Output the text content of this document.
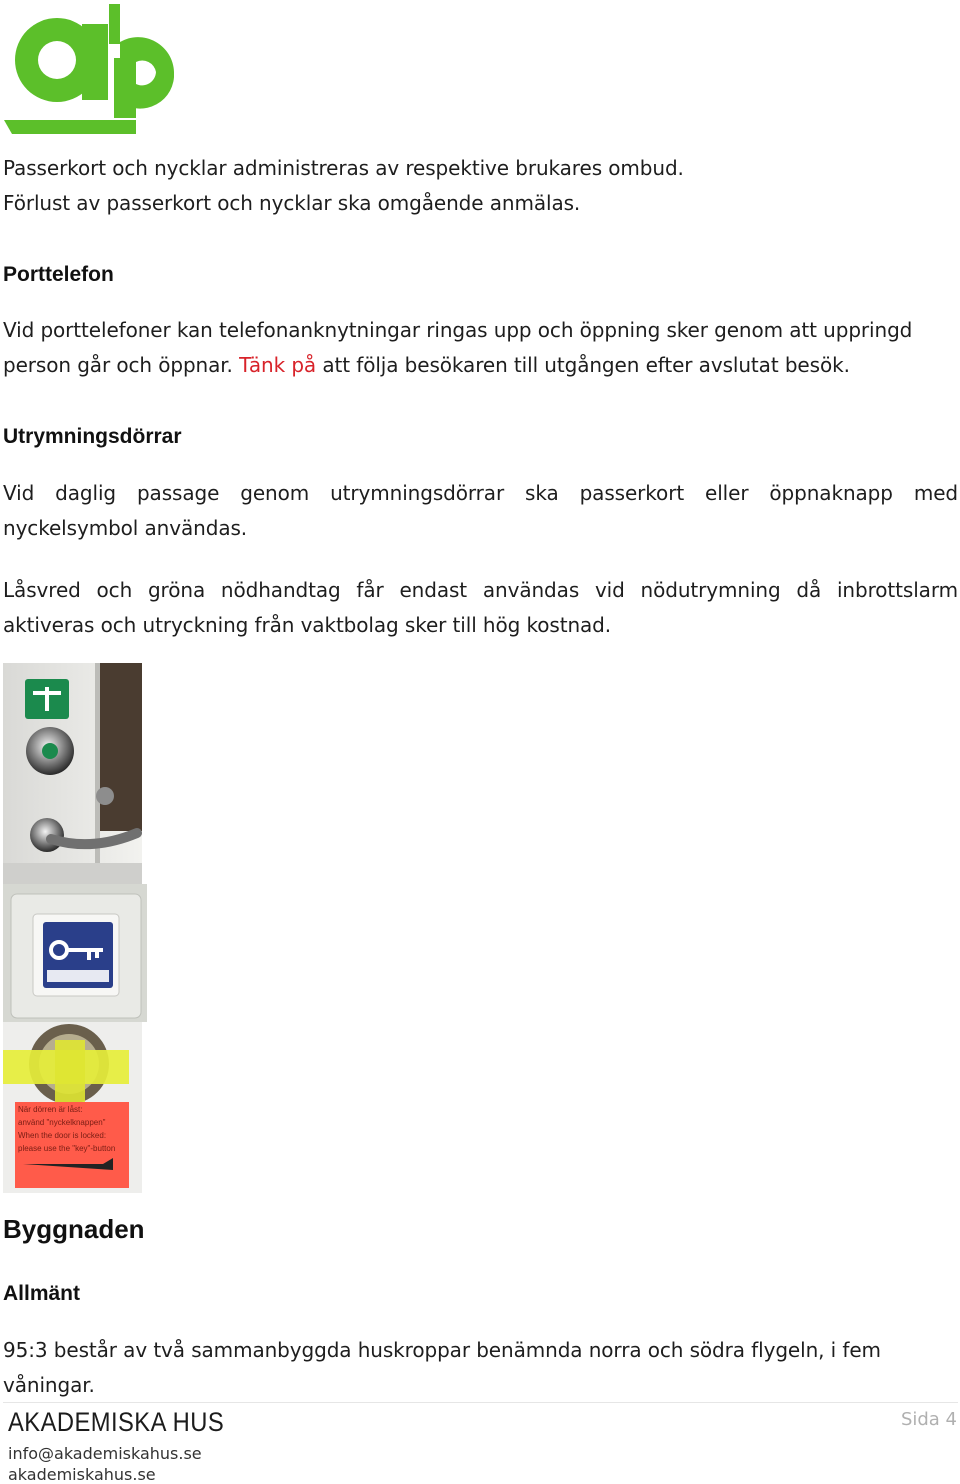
Passerkort och nycklar administreras av respektive brukares ombud.

Förlust av passerkort och nycklar ska omgående anmälas.

Porttelefon

Vid porttelefoner kan telefonanknytningar ringas upp och öppning sker genom att uppringd person går och öppnar. Tänk på att följa besökaren till utgången efter avslutat besök.

Utrymningsdörrar

Vid daglig passage genom utrymningsdörrar ska passerkort eller öppnaknapp med nyckelsymbol användas.

Låsvred och gröna nödhandtag får endast användas vid nödutrymning då inbrottslarm aktiveras och utryckning från vaktbolag sker till hög kostnad.

När dörren är låst:
använd "nyckelknappen"
When the door is locked:
please use the "key"-button
Byggnaden
Allmänt

95:3 består av två sammanbyggda huskroppar benämnda norra och södra flygeln, i fem våningar.

AKADEMISKA HUS	Sida 4
info@akademiskahus.se
akademiskahus.se
